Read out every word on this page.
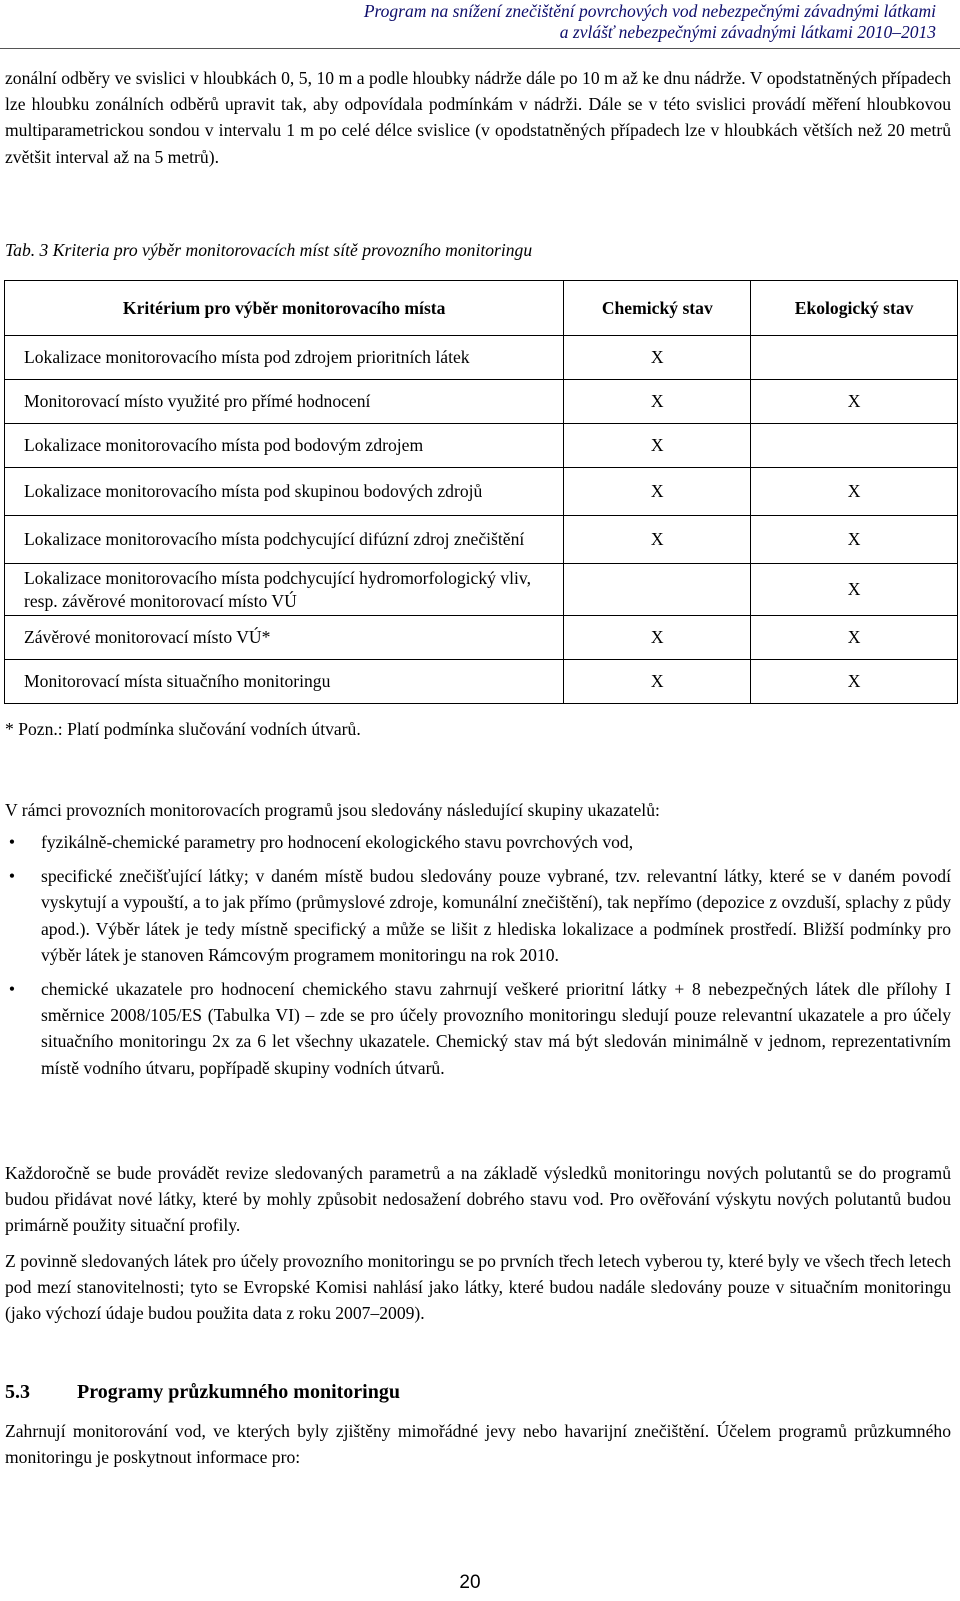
Program na snížení znečištění povrchových vod nebezpečnými závadnými látkami
a zvlášť nebezpečnými závadnými látkami 2010–2013
zonální odběry ve svislici v hloubkách 0, 5, 10 m a podle hloubky nádrže dále po 10 m až ke dnu nádrže. V opodstatněných případech lze hloubku zonálních odběrů upravit tak, aby odpovídala podmínkám v nádrži. Dále se v této svislici provádí měření hloubkovou multiparametrickou sondou v intervalu 1 m po celé délce svislice (v opodstatněných případech lze v hloubkách větších než 20 metrů zvětšit interval až na 5 metrů).
Tab. 3 Kriteria pro výběr monitorovacích míst sítě provozního monitoringu
Kritérium pro výběr monitorovacího místa	Chemický stav	Ekologický stav
Lokalizace monitorovacího místa pod zdrojem prioritních látek	X	
Monitorovací místo využité pro přímé hodnocení	X	X
Lokalizace monitorovacího místa pod bodovým zdrojem	X	
Lokalizace monitorovacího místa pod skupinou bodových zdrojů	X	X
Lokalizace monitorovacího místa podchycující difúzní zdroj znečištění	X	X
Lokalizace monitorovacího místa podchycující hydromorfologický vliv, resp. závěrové monitorovací místo VÚ		X
Závěrové monitorovací místo VÚ*	X	X
Monitorovací místa situačního monitoringu	X	X
* Pozn.: Platí podmínka slučování vodních útvarů.
V rámci provozních monitorovacích programů jsou sledovány následující skupiny ukazatelů:
• fyzikálně-chemické parametry pro hodnocení ekologického stavu povrchových vod,
• specifické znečišťující látky; v daném místě budou sledovány pouze vybrané, tzv. relevantní látky, které se v daném povodí vyskytují a vypouští, a to jak přímo (průmyslové zdroje, komunální znečištění), tak nepřímo (depozice z ovzduší, splachy z půdy apod.). Výběr látek je tedy místně specifický a může se lišit z hlediska lokalizace a podmínek prostředí. Bližší podmínky pro výběr látek je stanoven Rámcovým programem monitoringu na rok 2010.
• chemické ukazatele pro hodnocení chemického stavu zahrnují veškeré prioritní látky + 8 nebezpečných látek dle přílohy I směrnice 2008/105/ES (Tabulka VI) – zde se pro účely provozního monitoringu sledují pouze relevantní ukazatele a pro účely situačního monitoringu 2x za 6 let všechny ukazatele. Chemický stav má být sledován minimálně v jednom, reprezentativním místě vodního útvaru, popřípadě skupiny vodních útvarů.
Každoročně se bude provádět revize sledovaných parametrů a na základě výsledků monitoringu nových polutantů se do programů budou přidávat nové látky, které by mohly způsobit nedosažení dobrého stavu vod. Pro ověřování výskytu nových polutantů budou primárně použity situační profily.
Z povinně sledovaných látek pro účely provozního monitoringu se po prvních třech letech vyberou ty, které byly ve všech třech letech pod mezí stanovitelnosti; tyto se Evropské Komisi nahlásí jako látky, které budou nadále sledovány pouze v situačním monitoringu (jako výchozí údaje budou použita data z roku 2007–2009).
5.3 Programy průzkumného monitoringu
Zahrnují monitorování vod, ve kterých byly zjištěny mimořádné jevy nebo havarijní znečištění. Účelem programů průzkumného monitoringu je poskytnout informace pro:
20
